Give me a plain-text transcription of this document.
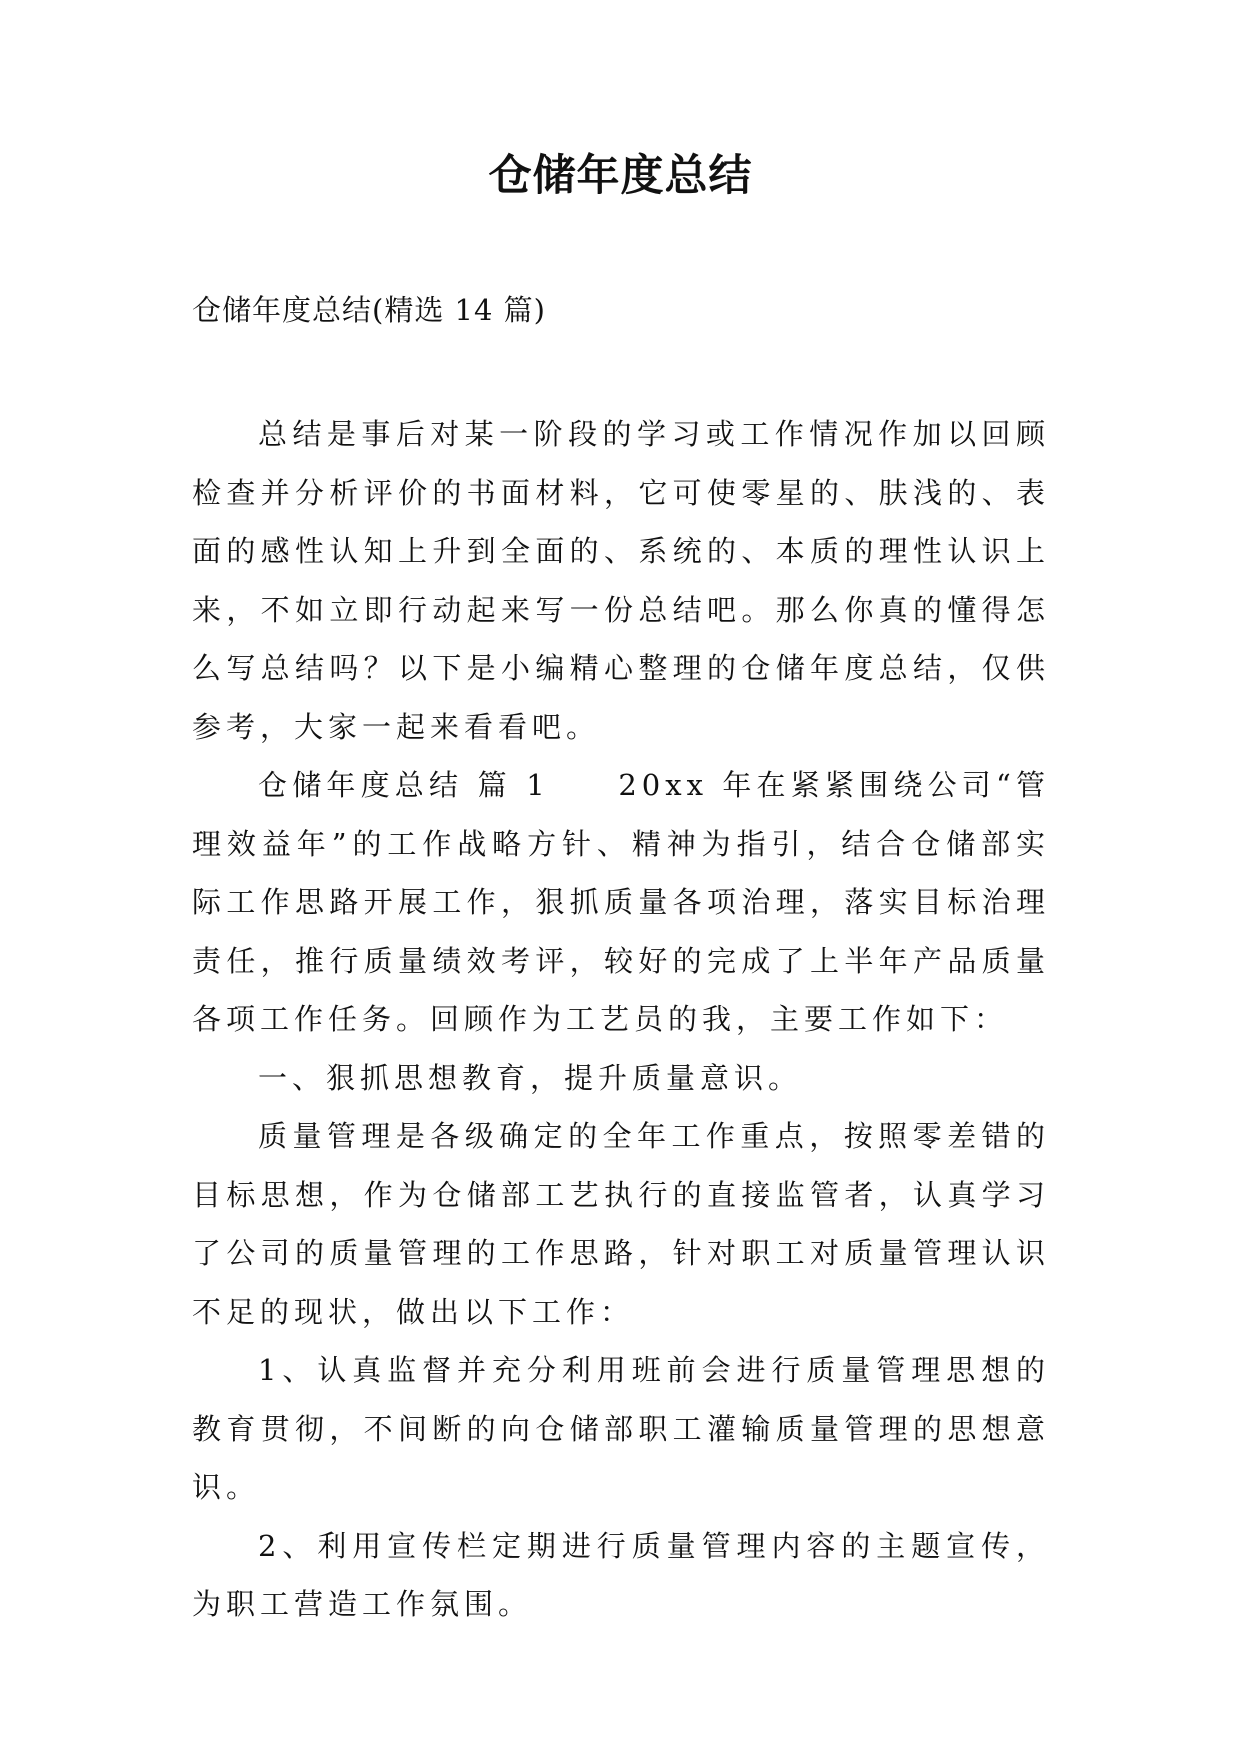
仓储年度总结

仓储年度总结(精选 14 篇)

总结是事后对某一阶段的学习或工作情况作加以回顾检查并分析评价的书面材料，它可使零星的、肤浅的、表面的感性认知上升到全面的、系统的、本质的理性认识上来，不如立即行动起来写一份总结吧。那么你真的懂得怎么写总结吗？以下是小编精心整理的仓储年度总结，仅供参考，大家一起来看看吧。

仓储年度总结 篇 1　　20xx 年在紧紧围绕公司“管理效益年”的工作战略方针、精神为指引，结合仓储部实际工作思路开展工作，狠抓质量各项治理，落实目标治理责任，推行质量绩效考评，较好的完成了上半年产品质量各项工作任务。回顾作为工艺员的我，主要工作如下：

一、狠抓思想教育，提升质量意识。

质量管理是各级确定的全年工作重点，按照零差错的目标思想，作为仓储部工艺执行的直接监管者，认真学习了公司的质量管理的工作思路，针对职工对质量管理认识不足的现状，做出以下工作：

1、认真监督并充分利用班前会进行质量管理思想的教育贯彻，不间断的向仓储部职工灌输质量管理的思想意识。

2、利用宣传栏定期进行质量管理内容的主题宣传，为职工营造工作氛围。
